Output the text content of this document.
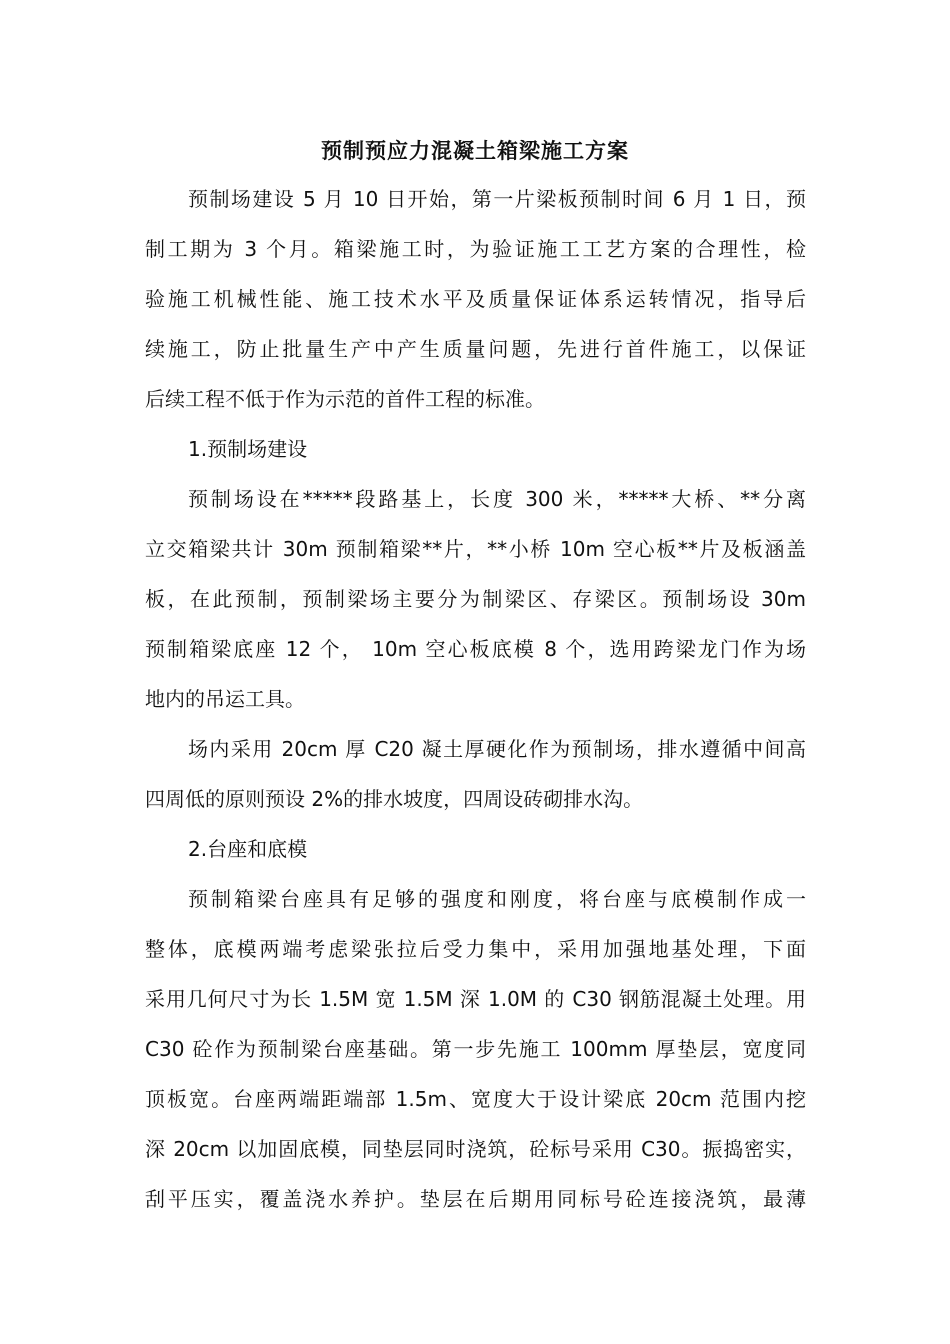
预制预应力混凝土箱梁施工方案
预制场建设 5 月 10 日开始，第一片梁板预制时间 6 月 1 日，预
制工期为 3 个月。箱梁施工时，为验证施工工艺方案的合理性，检
验施工机械性能、施工技术水平及质量保证体系运转情况，指导后
续施工，防止批量生产中产生质量问题，先进行首件施工，以保证
后续工程不低于作为示范的首件工程的标准。
1.预制场建设
预制场设在*****段路基上，长度 300 米，*****大桥、**分离
立交箱梁共计 30m 预制箱梁**片，**小桥 10m 空心板**片及板涵盖
板，在此预制，预制梁场主要分为制梁区、存梁区。预制场设 30m
预制箱梁底座 12 个， 10m 空心板底模 8 个，选用跨梁龙门作为场
地内的吊运工具。
场内采用 20cm 厚 C20 凝土厚硬化作为预制场，排水遵循中间高
四周低的原则预设 2%的排水坡度，四周设砖砌排水沟。
2.台座和底模
预制箱梁台座具有足够的强度和刚度，将台座与底模制作成一
整体，底模两端考虑梁张拉后受力集中，采用加强地基处理，下面
采用几何尺寸为长 1.5M 宽 1.5M 深 1.0M 的 C30 钢筋混凝土处理。用
C30 砼作为预制梁台座基础。第一步先施工 100mm 厚垫层，宽度同
顶板宽。台座两端距端部 1.5m、宽度大于设计梁底 20cm 范围内挖
深 20cm 以加固底模，同垫层同时浇筑，砼标号采用 C30。振捣密实，
刮平压实，覆盖浇水养护。垫层在后期用同标号砼连接浇筑，最薄
